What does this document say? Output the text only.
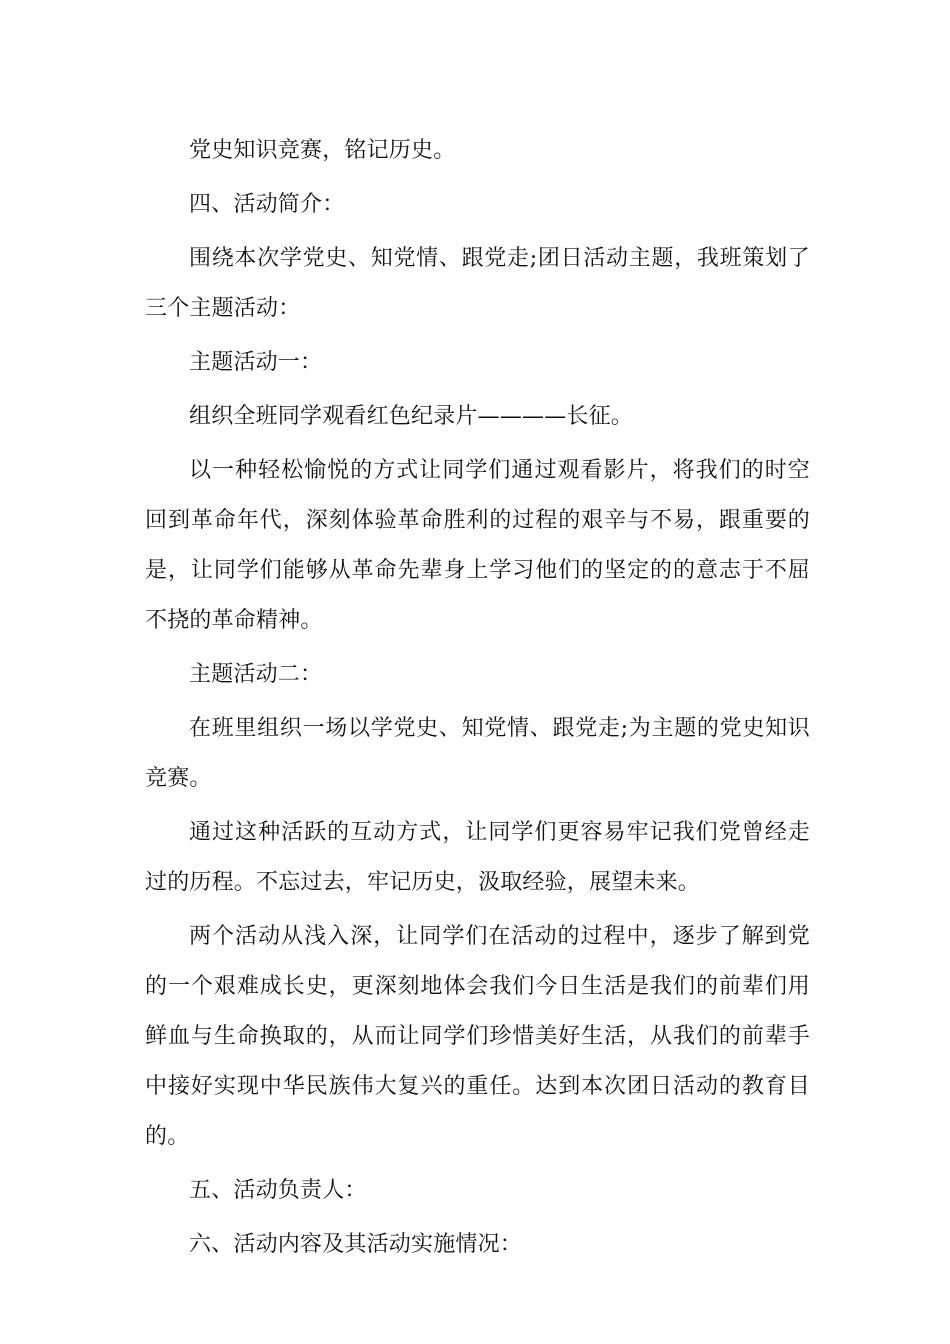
党史知识竞赛，铭记历史。

四、活动简介：

围绕本次学党史、知党情、跟党走;团日活动主题，我班策划了三个主题活动：

主题活动一：

组织全班同学观看红色纪录片————长征。

以一种轻松愉悦的方式让同学们通过观看影片，将我们的时空回到革命年代，深刻体验革命胜利的过程的艰辛与不易，跟重要的是，让同学们能够从革命先辈身上学习他们的坚定的的意志于不屈不挠的革命精神。

主题活动二：

在班里组织一场以学党史、知党情、跟党走;为主题的党史知识竞赛。

通过这种活跃的互动方式，让同学们更容易牢记我们党曾经走过的历程。不忘过去，牢记历史，汲取经验，展望未来。

两个活动从浅入深，让同学们在活动的过程中，逐步了解到党的一个艰难成长史，更深刻地体会我们今日生活是我们的前辈们用鲜血与生命换取的，从而让同学们珍惜美好生活，从我们的前辈手中接好实现中华民族伟大复兴的重任。达到本次团日活动的教育目的。

五、活动负责人：

六、活动内容及其活动实施情况：
